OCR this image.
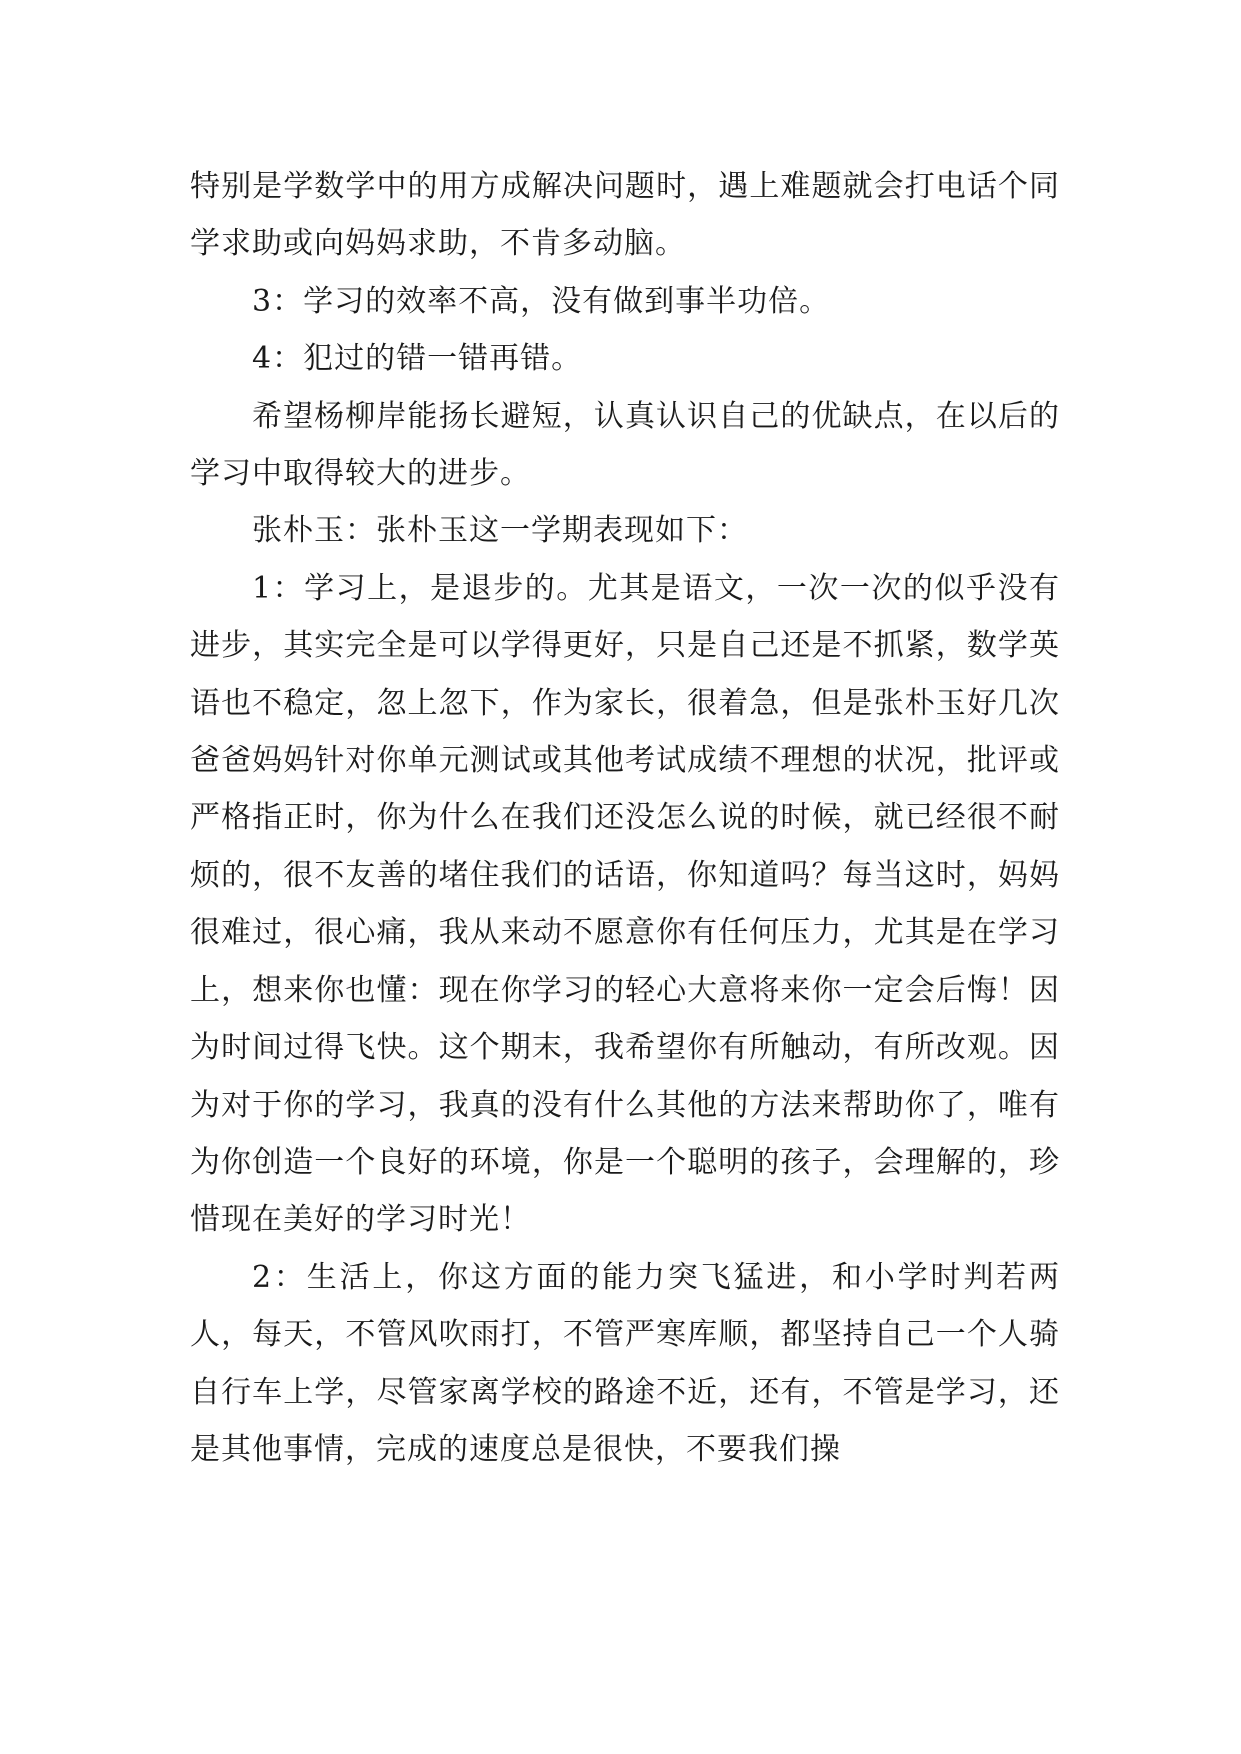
特别是学数学中的用方成解决问题时，遇上难题就会打电话个同学求助或向妈妈求助，不肯多动脑。

3：学习的效率不高，没有做到事半功倍。

4：犯过的错一错再错。

希望杨柳岸能扬长避短，认真认识自己的优缺点，在以后的学习中取得较大的进步。

张朴玉：张朴玉这一学期表现如下：

1：学习上，是退步的。尤其是语文，一次一次的似乎没有进步，其实完全是可以学得更好，只是自己还是不抓紧，数学英语也不稳定，忽上忽下，作为家长，很着急，但是张朴玉好几次爸爸妈妈针对你单元测试或其他考试成绩不理想的状况，批评或严格指正时，你为什么在我们还没怎么说的时候，就已经很不耐烦的，很不友善的堵住我们的话语，你知道吗？每当这时，妈妈很难过，很心痛，我从来动不愿意你有任何压力，尤其是在学习上，想来你也懂：现在你学习的轻心大意将来你一定会后悔！因为时间过得飞快。这个期末，我希望你有所触动，有所改观。因为对于你的学习，我真的没有什么其他的方法来帮助你了，唯有为你创造一个良好的环境，你是一个聪明的孩子，会理解的，珍惜现在美好的学习时光！

2：生活上，你这方面的能力突飞猛进，和小学时判若两人，每天，不管风吹雨打，不管严寒库顺，都坚持自己一个人骑自行车上学，尽管家离学校的路途不近，还有，不管是学习，还是其他事情，完成的速度总是很快，不要我们操
